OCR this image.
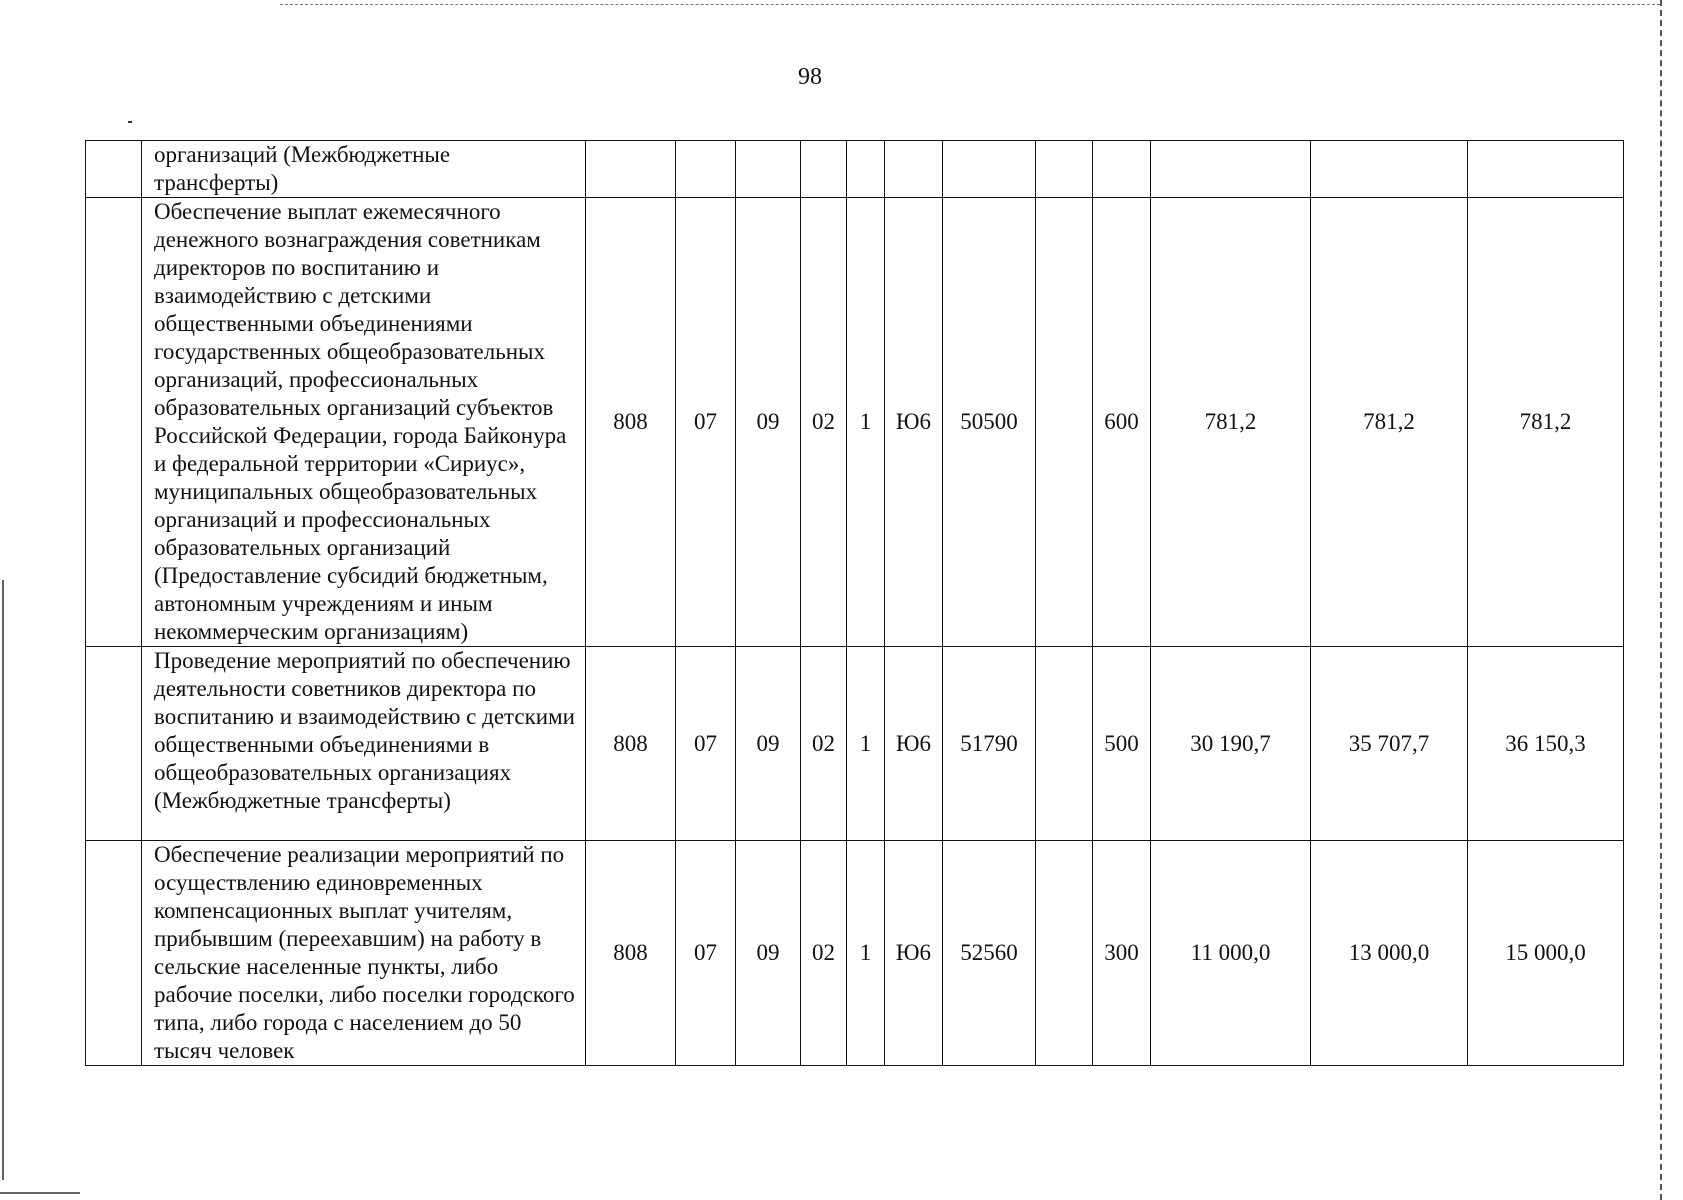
98
	организаций (Межбюджетные трансферты)												
	Обеспечение выплат ежемесячного денежного вознаграждения советникам директоров по воспитанию и взаимодействию с детскими общественными объединениями государственных общеобразовательных организаций, профессиональных образовательных организаций субъектов Российской Федерации, города Байконура и федеральной территории «Сириус», муниципальных общеобразовательных организаций и профессиональных образовательных организаций (Предоставление субсидий бюджетным, автономным учреждениям и иным некоммерческим организациям)	808	07	09	02	1	Ю6	50500		600	781,2	781,2	781,2
	Проведение мероприятий по обеспечению деятельности советников директора по воспитанию и взаимодействию с детскими общественными объединениями в общеобразовательных организациях (Межбюджетные трансферты)	808	07	09	02	1	Ю6	51790		500	30 190,7	35 707,7	36 150,3
	Обеспечение реализации мероприятий по осуществлению единовременных компенсационных выплат учителям, прибывшим (переехавшим) на работу в сельские населенные пункты, либо рабочие поселки, либо поселки городского типа, либо города с населением до 50 тысяч человек	808	07	09	02	1	Ю6	52560		300	11 000,0	13 000,0	15 000,0
